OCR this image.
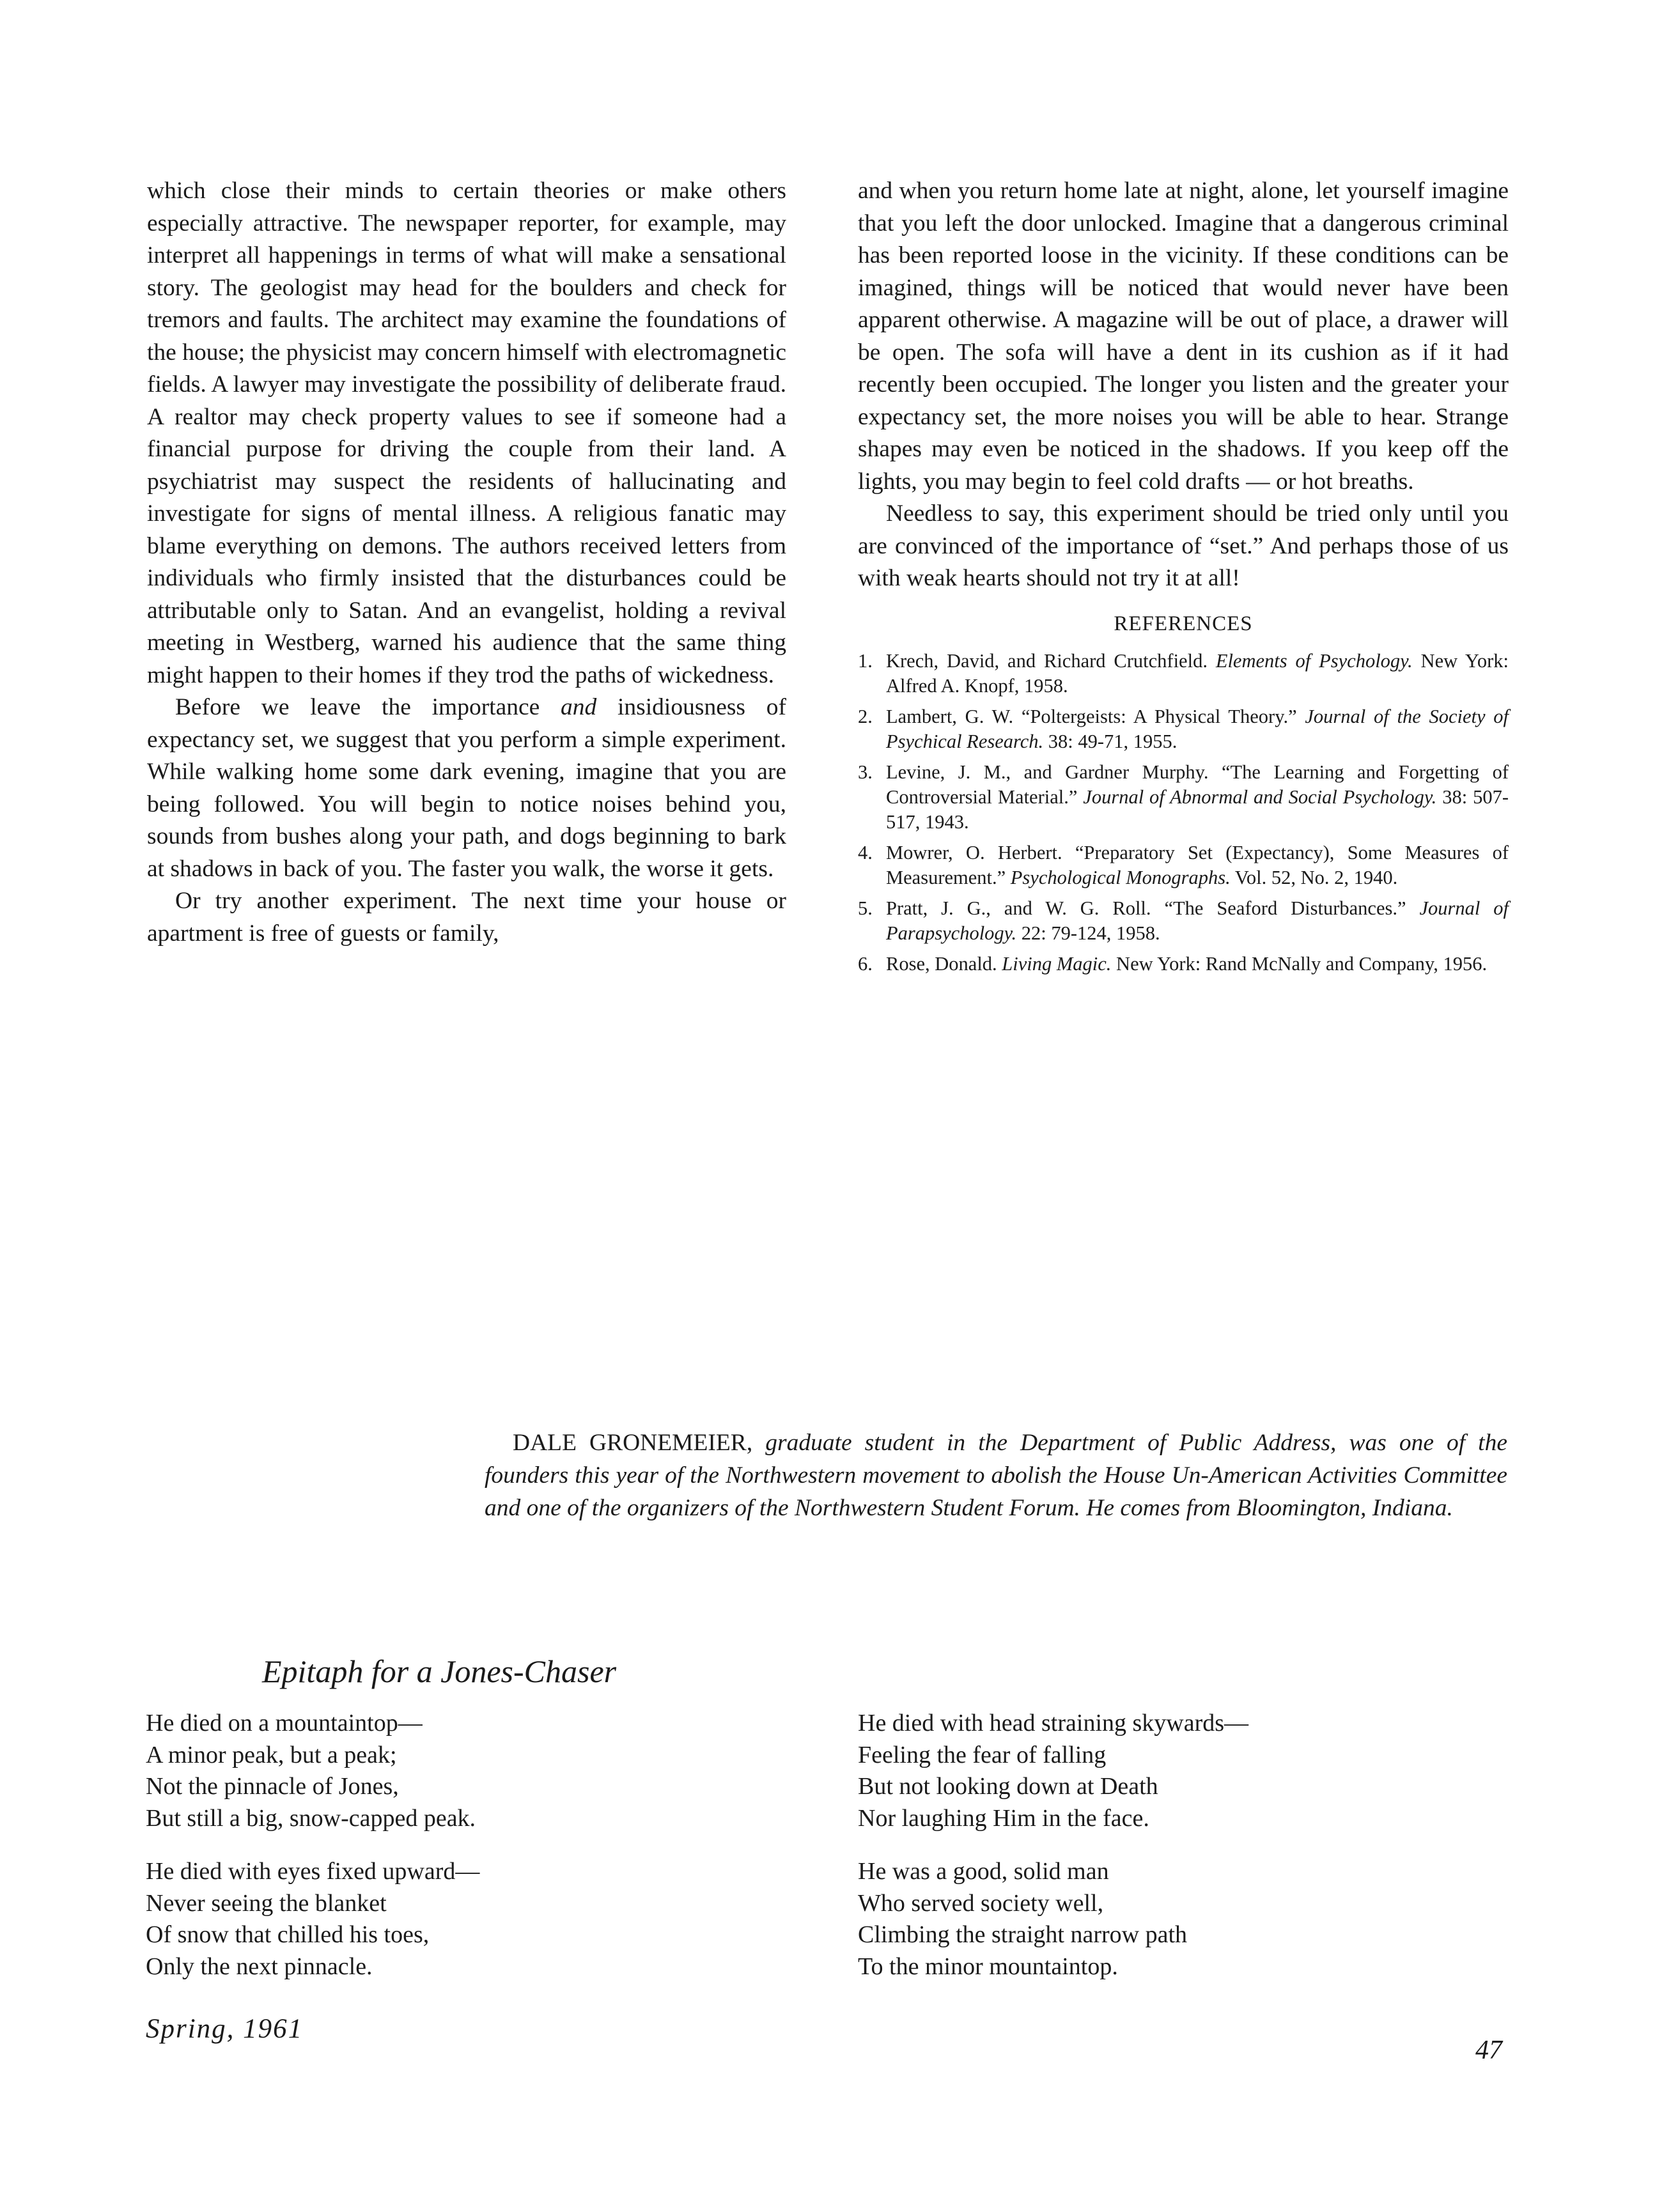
which close their minds to certain theories or make others especially attractive. The newspaper reporter, for example, may interpret all happenings in terms of what will make a sensational story. The geologist may head for the boulders and check for tremors and faults. The architect may examine the foundations of the house; the physicist may concern himself with electromagnetic fields. A lawyer may investigate the possibility of deliberate fraud. A realtor may check property values to see if someone had a financial purpose for driving the couple from their land. A psychiatrist may suspect the residents of hallucinating and investigate for signs of mental illness. A religious fanatic may blame everything on demons. The authors received letters from individuals who firmly insisted that the disturbances could be attributable only to Satan. And an evangelist, holding a revival meeting in Westberg, warned his audience that the same thing might happen to their homes if they trod the paths of wickedness.

Before we leave the importance and insidiousness of expectancy set, we suggest that you perform a simple experiment. While walking home some dark evening, imagine that you are being followed. You will begin to notice noises behind you, sounds from bushes along your path, and dogs beginning to bark at shadows in back of you. The faster you walk, the worse it gets.

Or try another experiment. The next time your house or apartment is free of guests or family,

and when you return home late at night, alone, let yourself imagine that you left the door unlocked. Imagine that a dangerous criminal has been reported loose in the vicinity. If these conditions can be imagined, things will be noticed that would never have been apparent otherwise. A magazine will be out of place, a drawer will be open. The sofa will have a dent in its cushion as if it had recently been occupied. The longer you listen and the greater your expectancy set, the more noises you will be able to hear. Strange shapes may even be noticed in the shadows. If you keep off the lights, you may begin to feel cold drafts — or hot breaths.

Needless to say, this experiment should be tried only until you are convinced of the importance of “set.” And perhaps those of us with weak hearts should not try it at all!

REFERENCES
1. Krech, David, and Richard Crutchfield. Elements of Psychology. New York: Alfred A. Knopf, 1958.
2. Lambert, G. W. “Poltergeists: A Physical Theory.” Journal of the Society of Psychical Research. 38: 49-71, 1955.
3. Levine, J. M., and Gardner Murphy. “The Learning and Forgetting of Controversial Material.” Journal of Abnormal and Social Psychology. 38: 507-517, 1943.
4. Mowrer, O. Herbert. “Preparatory Set (Expectancy), Some Measures of Measurement.” Psychological Monographs. Vol. 52, No. 2, 1940.
5. Pratt, J. G., and W. G. Roll. “The Seaford Disturbances.” Journal of Parapsychology. 22: 79-124, 1958.
6. Rose, Donald. Living Magic. New York: Rand McNally and Company, 1956.
DALE GRONEMEIER, graduate student in the Department of Public Address, was one of the founders this year of the Northwestern movement to abolish the House Un-American Activities Committee and one of the organizers of the Northwestern Student Forum. He comes from Bloomington, Indiana.
Epitaph for a Jones-Chaser
He died on a mountaintop—
A minor peak, but a peak;
Not the pinnacle of Jones,
But still a big, snow-capped peak.
He died with eyes fixed upward—
Never seeing the blanket
Of snow that chilled his toes,
Only the next pinnacle.
He died with head straining skywards—
Feeling the fear of falling
But not looking down at Death
Nor laughing Him in the face.
He was a good, solid man
Who served society well,
Climbing the straight narrow path
To the minor mountaintop.
Spring, 1961
47
